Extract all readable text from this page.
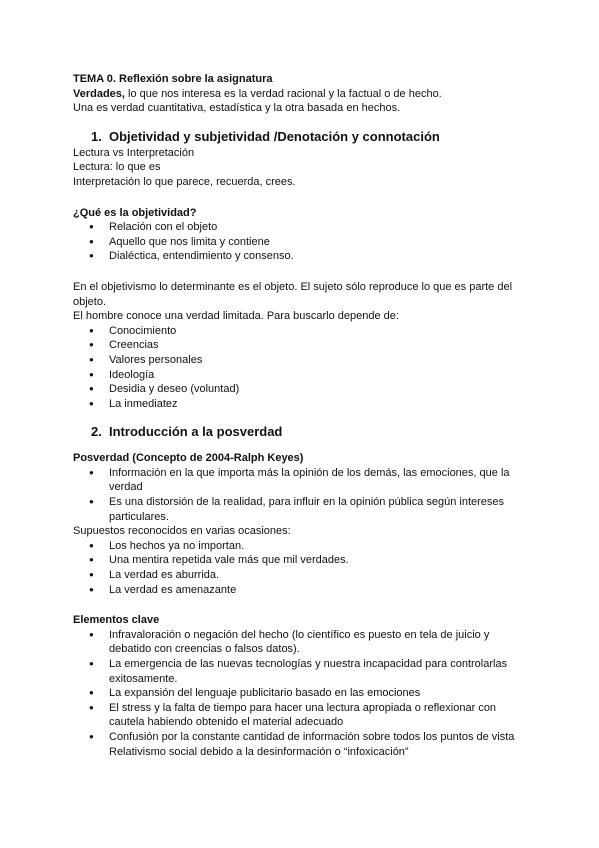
TEMA 0. Reflexión sobre la asignatura

Verdades, lo que nos interesa es la verdad racional y la factual o de hecho.

Una es verdad cuantitativa, estadística y la otra basada en hechos.

1. Objetividad y subjetividad /Denotación y connotación

Lectura vs Interpretación

Lectura: lo que es

Interpretación lo que parece, recuerda, crees.

¿Qué es la objetividad?

● Relación con el objeto
● Aquello que nos limita y contiene
● Dialéctica, entendimiento y consenso.

En el objetivismo lo determinante es el objeto. El sujeto sólo reproduce lo que es parte del objeto.

El hombre conoce una verdad limitada. Para buscarlo depende de:

● Conocimiento
● Creencias
● Valores personales
● Ideología
● Desidia y deseo (voluntad)
● La inmediatez
2. Introducción a la posverdad

Posverdad (Concepto de 2004-Ralph Keyes)

● Información en la que importa más la opinión de los demás, las emociones, que la verdad
● Es una distorsión de la realidad, para influir en la opinión pública según intereses particulares.

Supuestos reconocidos en varias ocasiones:

● Los hechos ya no importan.
● Una mentira repetida vale más que mil verdades.
● La verdad es aburrida.
● La verdad es amenazante

Elementos clave

● Infravaloración o negación del hecho (lo científico es puesto en tela de juicio y debatido con creencias o falsos datos).
● La emergencia de las nuevas tecnologías y nuestra incapacidad para controlarlas exitosamente.
● La expansión del lenguaje publicitario basado en las emociones
● El stress y la falta de tiempo para hacer una lectura apropiada o reflexionar con cautela habiendo obtenido el material adecuado
● Confusión por la constante cantidad de información sobre todos los puntos de vista Relativismo social debido a la desinformación o “infoxicación”
